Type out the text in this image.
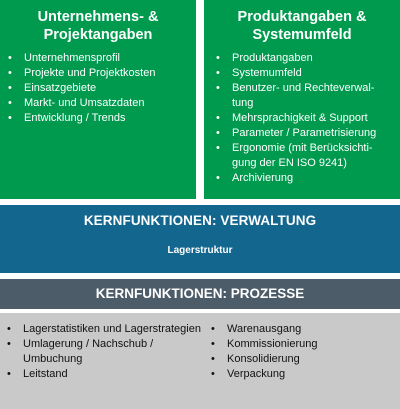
Unternehmens- &
Projektangaben
•	Unternehmensprofil
•	Projekte und Projektkosten
•	Einsatzgebiete
•	Markt- und Umsatzdaten
•	Entwicklung / Trends
Produktangaben &
Systemumfeld
•	Produktangaben
•	Systemumfeld
•	Benutzer- und Rechteverwal-
tung
•	Mehrsprachigkeit & Support
•	Parameter / Parametrisierung
•	Ergonomie (mit Berücksichti-
gung der EN ISO 9241)
•	Archivierung
KERNFUNKTIONEN: VERWALTUNG
Lagerstruktur
KERNFUNKTIONEN: PROZESSE
•	Lagerstatistiken und Lagerstrategien
•	Umlagerung / Nachschub /
Umbuchung
•	Leitstand
•	Warenausgang
•	Kommissionierung
•	Konsolidierung
•	Verpackung
